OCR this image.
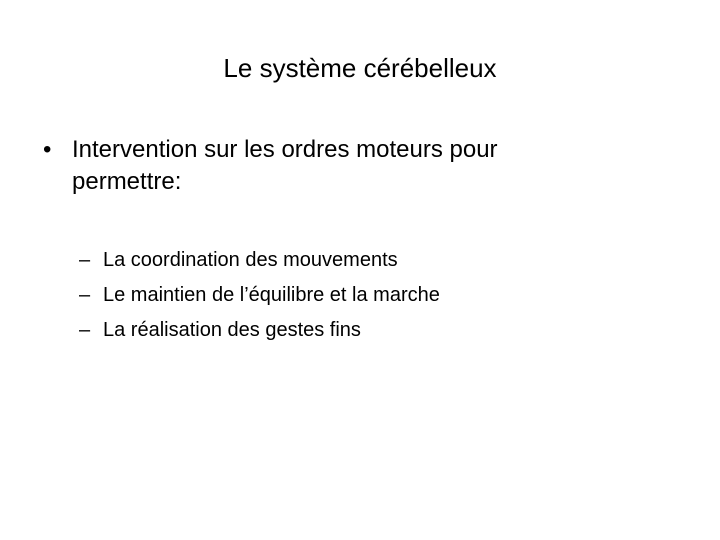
Le système cérébelleux
• Intervention sur les ordres moteurs pour permettre:
– La coordination des mouvements
– Le maintien de l’équilibre et la marche
– La réalisation des gestes fins
